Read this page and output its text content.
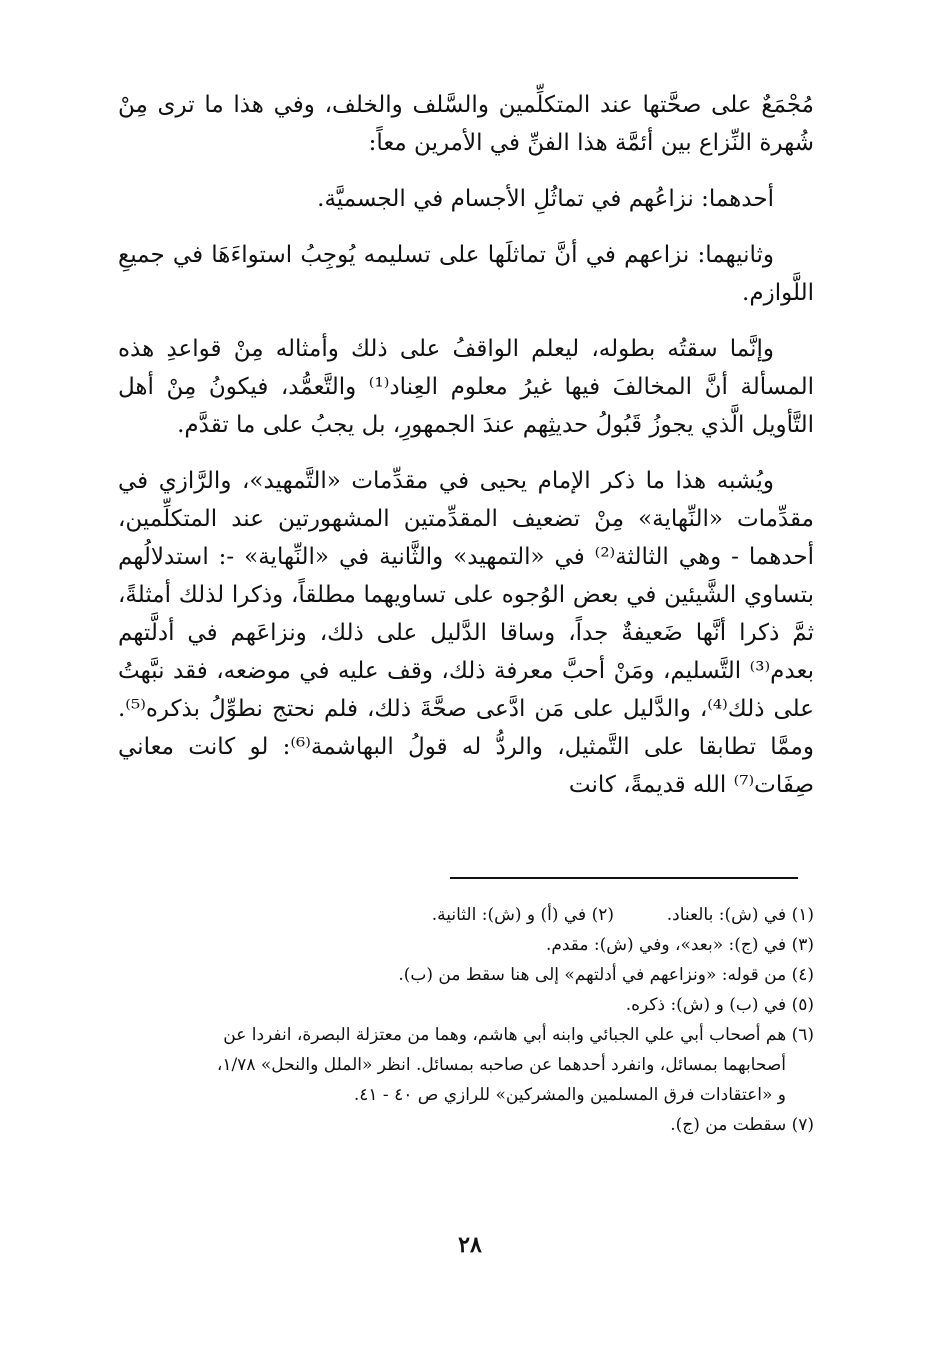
مُجْمَعٌ على صحَّتها عند المتكلِّمين والسَّلف والخلف، وفي هذا ما ترى مِنْ شُهرة النِّزاع بين أئمَّة هذا الفنِّ في الأمرين معاً:

أحدهما: نزاعُهم في تماثُلِ الأجسام في الجسميَّة.

وثانيهما: نزاعهم في أنَّ تماثلَها على تسليمه يُوجِبُ استواءَهَا في جميعِ اللَّوازم.

وإنَّما سقتُه بطوله، ليعلم الواقفُ على ذلك وأمثاله مِنْ قواعدِ هذه المسألة أنَّ المخالفَ فيها غيرُ معلوم العِناد⁽¹⁾ والتَّعمُّد، فيكونُ مِنْ أهل التَّأويل الَّذي يجوزُ قَبُولُ حديثِهم عندَ الجمهورِ، بل يجبُ على ما تقدَّم.

ويُشبه هذا ما ذكر الإمام يحيى في مقدِّمات «التَّمهيد»، والرَّازي في مقدِّمات «النِّهاية» مِنْ تضعيف المقدِّمتين المشهورتين عند المتكلِّمين، أحدهما - وهي الثالثة⁽²⁾ في «التمهيد» والثَّانية في «النِّهاية» -: استدلالُهم بتساوي الشَّيئين في بعض الوُجوه على تساويهما مطلقاً، وذكرا لذلك أمثلةً، ثمَّ ذكرا أنَّها ضَعيفةٌ جداً، وساقا الدَّليل على ذلك، ونزاعَهم في أدلَّتهم بعدم⁽³⁾ التَّسليم، ومَنْ أحبَّ معرفة ذلك، وقف عليه في موضعه، فقد نبَّهتُ على ذلك⁽⁴⁾، والدَّليل على مَن ادَّعى صحَّةَ ذلك، فلم نحتج نطوِّلُ بذكره⁽⁵⁾. وممَّا تطابقا على التَّمثيل، والردُّ له قولُ البهاشمة⁽⁶⁾: لو كانت معاني صِفَات⁽⁷⁾ الله قديمةً، كانت

(١) في (ش): بالعناد.
(٢) في (أ) و (ش): الثانية.
(٣) في (ج): «بعد»، وفي (ش): مقدم.
(٤) من قوله: «ونزاعهم في أدلتهم» إلى هنا سقط من (ب).
(٥) في (ب) و (ش): ذكره.
(٦) هم أصحاب أبي علي الجبائي وابنه أبي هاشم، وهما من معتزلة البصرة، انفردا عن
أصحابهما بمسائل، وانفرد أحدهما عن صاحبه بمسائل. انظر «الملل والنحل» ١/٧٨،
و «اعتقادات فرق المسلمين والمشركين» للرازي ص ٤٠ - ٤١.
(٧) سقطت من (ج).
٢٨
